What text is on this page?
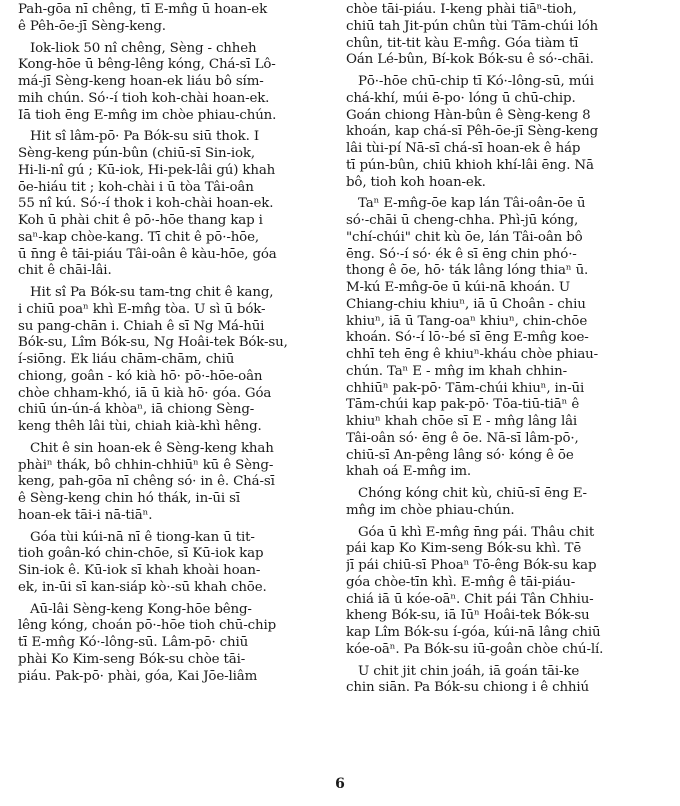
Pah-gōa nī chêng, tī Ē-mn̂g ū hoan-ek
ê Pêh-ōe-jī Sèng-keng.
Iok-liok 50 nî chêng, Sèng - chheh
Kong-hōe ū bêng-lêng kóng, Chá-sī Lô-
má-jī Sèng-keng hoan-ek liáu bô sím-
mih chún. Só·-í tioh koh-chài hoan-ek.
Iā tioh ēng Ē-mn̂g im chòe phiau-chún.
Hit sî lâm-pō· Pa Bók-su siū thok. I
Sèng-keng pún-bûn (chiū-sī Sin-iok,
Hi-li-nî gú ; Kū-iok, Hi-pek-lâi gú) khah
ōe-hiáu tit ; koh-chài i ū tòa Tâi-oân
55 nî kú. Só·-í thok i koh-chài hoan-ek.
Koh ū phài chit ê pō·-hōe thang kap i
saⁿ-kap chòe-kang. Tī chit ê pō·-hōe,
ū n̄ng ê tāi-piáu Tâi-oân ê kàu-hōe, góa
chit ê chāi-lâi.
Hit sî Pa Bók-su tam-tng chit ê kang,
i chiū poaⁿ khì Ē-mn̂g tòa. Ū sì ū bók-
su pang-chān i. Chiah ê sī N̄g Má-hūi
Bók-su, Lîm Bók-su, N̄g Hoâi-tek Bók-su,
í-siōng. Ék liáu chām-chām, chiū
chiong, goân - kó kià hō· pō·-hōe-oân
chòe chham-khó, iā ū kià hō· góa. Góa
chiū ún-ún-á khòaⁿ, iā chiong Sèng-
keng thêh lâi tùi, chiah kià-khì hêng.
Chit ê sin hoan-ek ê Sèng-keng khah
phàiⁿ thák, bô chhin-chhiūⁿ kū ê Sèng-
keng, pah-gōa nī chêng só· in ê. Chá-sī
ê Sèng-keng chin hó thák, in-ūi sī
hoan-ek tāi-i nā-tiāⁿ.
Góa tùi kúi-nā nī ê tiong-kan ū tit-
tioh goân-kó chin-chōe, sī Kū-iok kap
Sin-iok ê. Kū-iok sī khah khoài hoan-
ek, in-ūi sī kan-siáp kò·-sū khah chōe.
Aū-lâi Sèng-keng Kong-hōe bêng-
lêng kóng, choán pō·-hōe tioh chū-chip
tī Ē-mn̂g Kó·-lông-sū. Lâm-pō· chiū
phài Ko Kim-seng Bók-su chòe tāi-
piáu. Pak-pō· phài, góa, Kai Jōe-liâm
chòe tāi-piáu. I-keng phài tiāⁿ-tioh,
chiū tah Jit-pún chûn tùi Tām-chúi lóh
chûn, tit-tit kàu Ē-mn̂g. Góa tiàm tī
Oán Lé-bûn, Bí-kok Bók-su ê só·-chāi.
Pō·-hōe chū-chip tī Kó·-lông-sū, múi
chá-khí, múi ē-po· lóng ū chū-chip.
Goán chiong Hàn-bûn ê Sèng-keng 8
khoán, kap chá-sī Pêh-ōe-jī Sèng-keng
lâi tùi-pí Nā-sī chá-sī hoan-ek ê háp
tī pún-bûn, chiū khioh khí-lâi ēng. Nā
bô, tioh koh hoan-ek.
Taⁿ Ē-mn̂g-ōe kap lán Tâi-oân-ōe ū
só·-chāi ū cheng-chha. Phì-jū kóng,
"chí-chúi" chit kù ōe, lán Tâi-oân bô
ēng. Só·-í só· ék ê sī ēng chin phó·-
thong ê ōe, hō· ták lâng lóng thiaⁿ ū.
M̄-kú Ē-mn̂g-ōe ū kúi-nā khoán. Ū
Chiang-chiu khiuⁿ, iā ū Choân - chiu
khiuⁿ, iā ū Tang-oaⁿ khiuⁿ, chin-chōe
khoán. Só·-í lō·-bé sī ēng Ē-mn̂g koe-
chhī teh ēng ê khiuⁿ-kháu chòe phiau-
chún. Taⁿ Ē - mn̂g im khah chhin-
chhiūⁿ pak-pō· Tām-chúi khiuⁿ, in-ūi
Tām-chúi kap pak-pō· Tōa-tiū-tiāⁿ ê
khiuⁿ khah chōe sī Ē - mn̂g lâng lâi
Tâi-oân só· ēng ê ōe. Nā-sī lâm-pō·,
chiū-sī An-pêng lâng só· kóng ê ōe
khah oá Ē-mn̂g im.
Chóng kóng chit kù, chiū-sī ēng Ē-
mn̂g im chòe phiau-chún.
Góa ū khì Ē-mn̂g n̄ng pái. Thâu chit
pái kap Ko Kim-seng Bók-su khì. Tē
jī pái chiū-sī Phoaⁿ Tō-êng Bók-su kap
góa chòe-tīn khì. Ē-mn̂g ê tāi-piáu-
chiá iā ū kóe-oāⁿ. Chit pái Tân Chhiu-
kheng Bók-su, iā Iūⁿ Hoâi-tek Bók-su
kap Lîm Bók-su í-góa, kúi-nā lâng chiū
kóe-oāⁿ. Pa Bók-su iū-goân chòe chú-lí.
Ū chit jit chin joáh, iā goán tāi-ke
chin siān. Pa Bók-su chiong i ê chhiú
6
